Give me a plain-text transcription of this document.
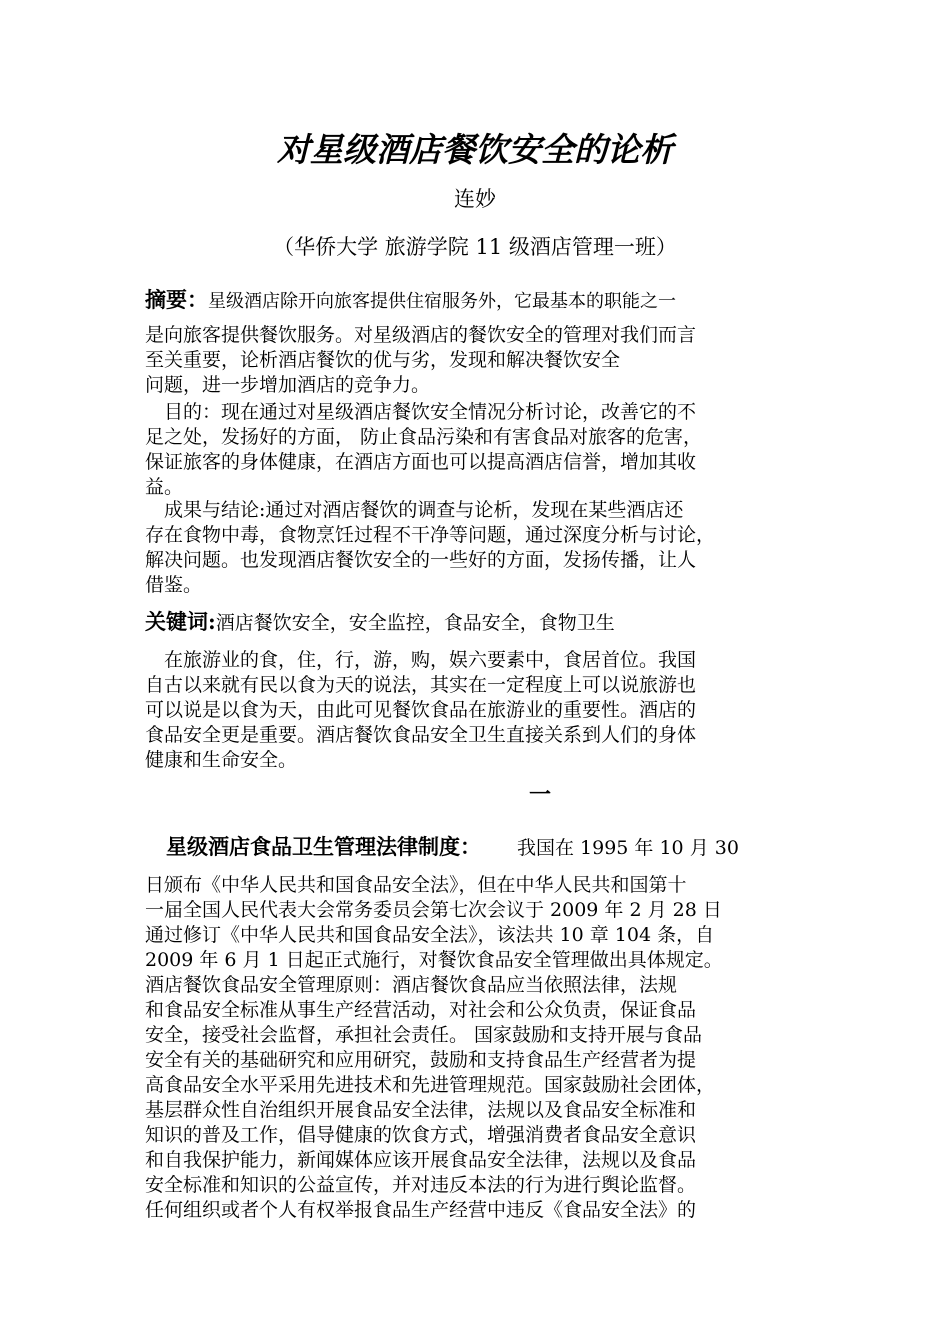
对星级酒店餐饮安全的论析
连妙
（华侨大学 旅游学院 11 级酒店管理一班）
摘要：星级酒店除开向旅客提供住宿服务外，它最基本的职能之一
是向旅客提供餐饮服务。对星级酒店的餐饮安全的管理对我们而言
至关重要，论析酒店餐饮的优与劣，发现和解决餐饮安全
问题，进一步增加酒店的竞争力。
　目的：现在通过对星级酒店餐饮安全情况分析讨论，改善它的不
足之处，发扬好的方面， 防止食品污染和有害食品对旅客的危害，
保证旅客的身体健康，在酒店方面也可以提高酒店信誉，增加其收
益。
　成果与结论:通过对酒店餐饮的调查与论析，发现在某些酒店还
存在食物中毒，食物烹饪过程不干净等问题，通过深度分析与讨论，
解决问题。也发现酒店餐饮安全的一些好的方面，发扬传播，让人
借鉴。
关键词:酒店餐饮安全，安全监控，食品安全，食物卫生
　在旅游业的食，住，行，游，购，娱六要素中，食居首位。我国
自古以来就有民以食为天的说法，其实在一定程度上可以说旅游也
可以说是以食为天，由此可见餐饮食品在旅游业的重要性。酒店的
食品安全更是重要。酒店餐饮食品安全卫生直接关系到人们的身体
健康和生命安全。
一
　星级酒店食品卫生管理法律制度： 我国在 1995 年 10 月 30
日颁布《中华人民共和国食品安全法》，但在中华人民共和国第十
一届全国人民代表大会常务委员会第七次会议于 2009 年 2 月 28 日
通过修订《中华人民共和国食品安全法》，该法共 10 章 104 条，自
2009 年 6 月 1 日起正式施行，对餐饮食品安全管理做出具体规定。
酒店餐饮食品安全管理原则：酒店餐饮食品应当依照法律，法规
和食品安全标准从事生产经营活动，对社会和公众负责，保证食品
安全，接受社会监督，承担社会责任。 国家鼓励和支持开展与食品
安全有关的基础研究和应用研究，鼓励和支持食品生产经营者为提
高食品安全水平采用先进技术和先进管理规范。国家鼓励社会团体，
基层群众性自治组织开展食品安全法律，法规以及食品安全标准和
知识的普及工作，倡导健康的饮食方式，增强消费者食品安全意识
和自我保护能力，新闻媒体应该开展食品安全法律，法规以及食品
安全标准和知识的公益宣传，并对违反本法的行为进行舆论监督。
任何组织或者个人有权举报食品生产经营中违反《食品安全法》的
